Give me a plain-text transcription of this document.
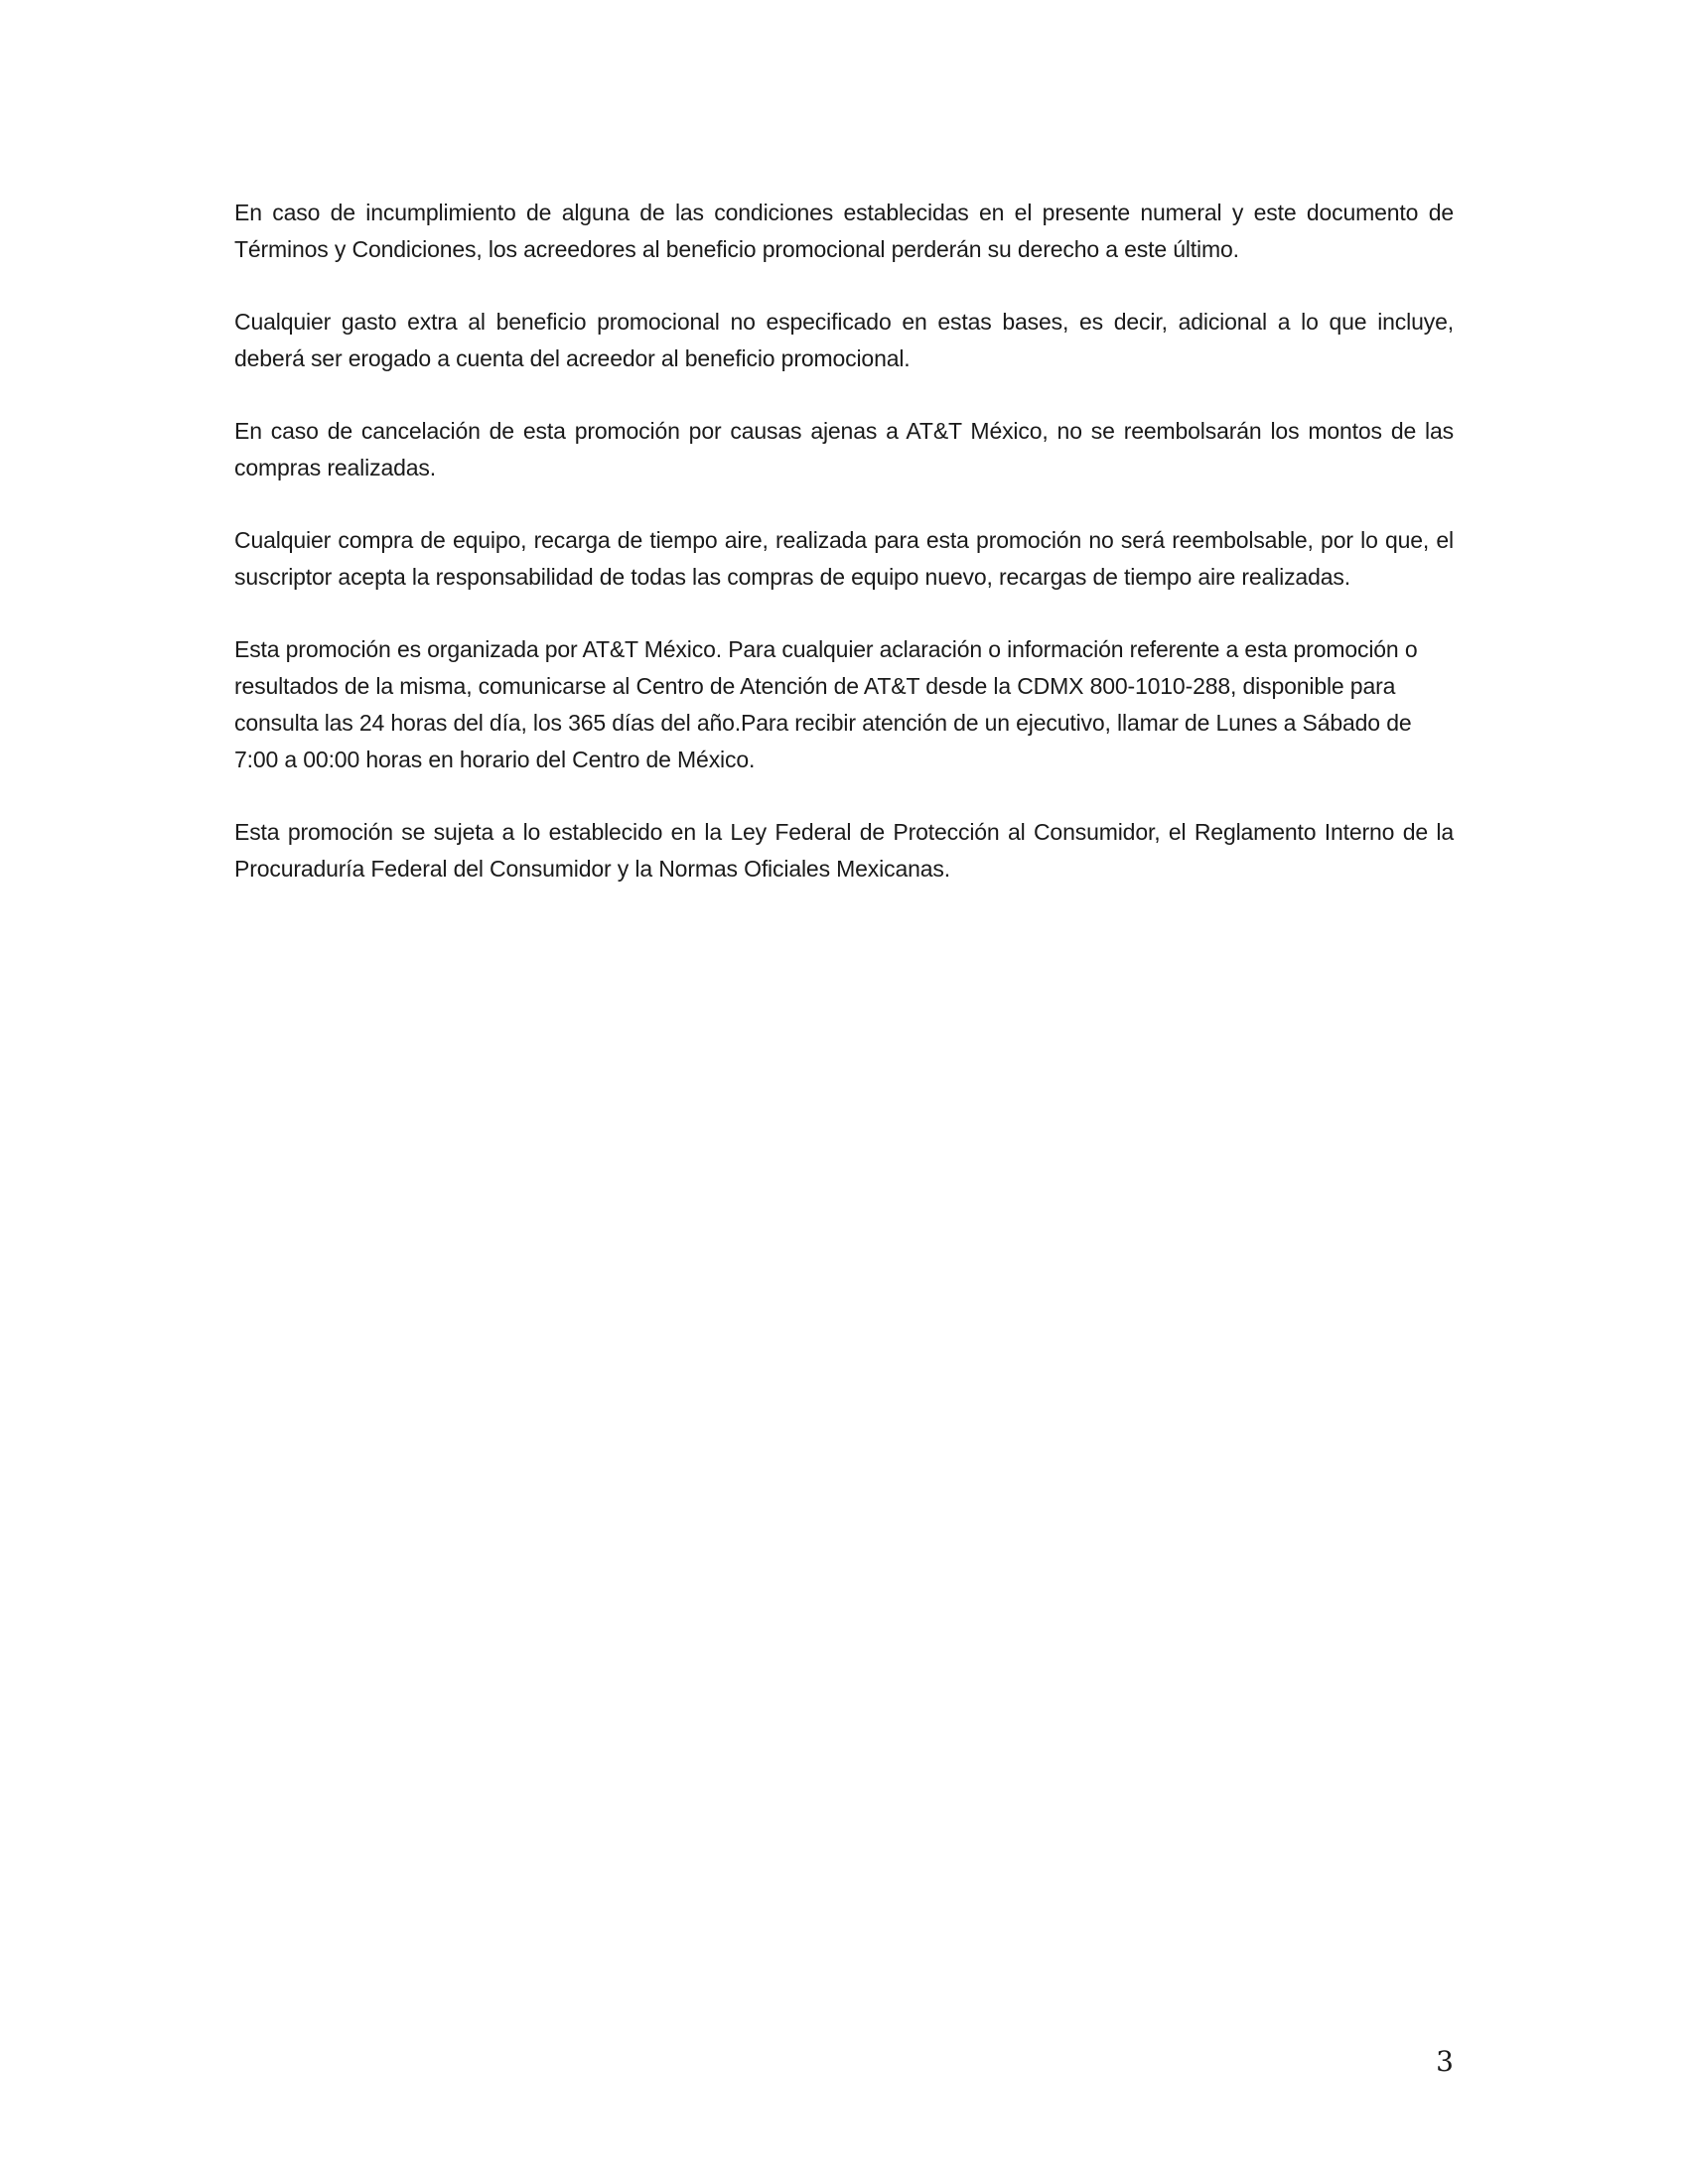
En caso de incumplimiento de alguna de las condiciones establecidas en el presente numeral y este documento de Términos y Condiciones, los acreedores al beneficio promocional perderán su derecho a este último.

Cualquier gasto extra al beneficio promocional no especificado en estas bases, es decir, adicional a lo que incluye, deberá ser erogado a cuenta del acreedor al beneficio promocional.

En caso de cancelación de esta promoción por causas ajenas a AT&T México, no se reembolsarán los montos de las compras realizadas.

Cualquier compra de equipo, recarga de tiempo aire, realizada para esta promoción no será reembolsable, por lo que, el suscriptor acepta la responsabilidad de todas las compras de equipo nuevo, recargas de tiempo aire realizadas.

Esta promoción es organizada por AT&T México. Para cualquier aclaración o información referente a esta promoción o resultados de la misma, comunicarse al Centro de Atención de AT&T desde la CDMX 800-1010-288, disponible para consulta las 24 horas del día, los 365 días del año.Para recibir atención de un ejecutivo, llamar de Lunes a Sábado de 7:00 a 00:00 horas en horario del Centro de México.

Esta promoción se sujeta a lo establecido en la Ley Federal de Protección al Consumidor, el Reglamento Interno de la Procuraduría Federal del Consumidor y la Normas Oficiales Mexicanas.

3
